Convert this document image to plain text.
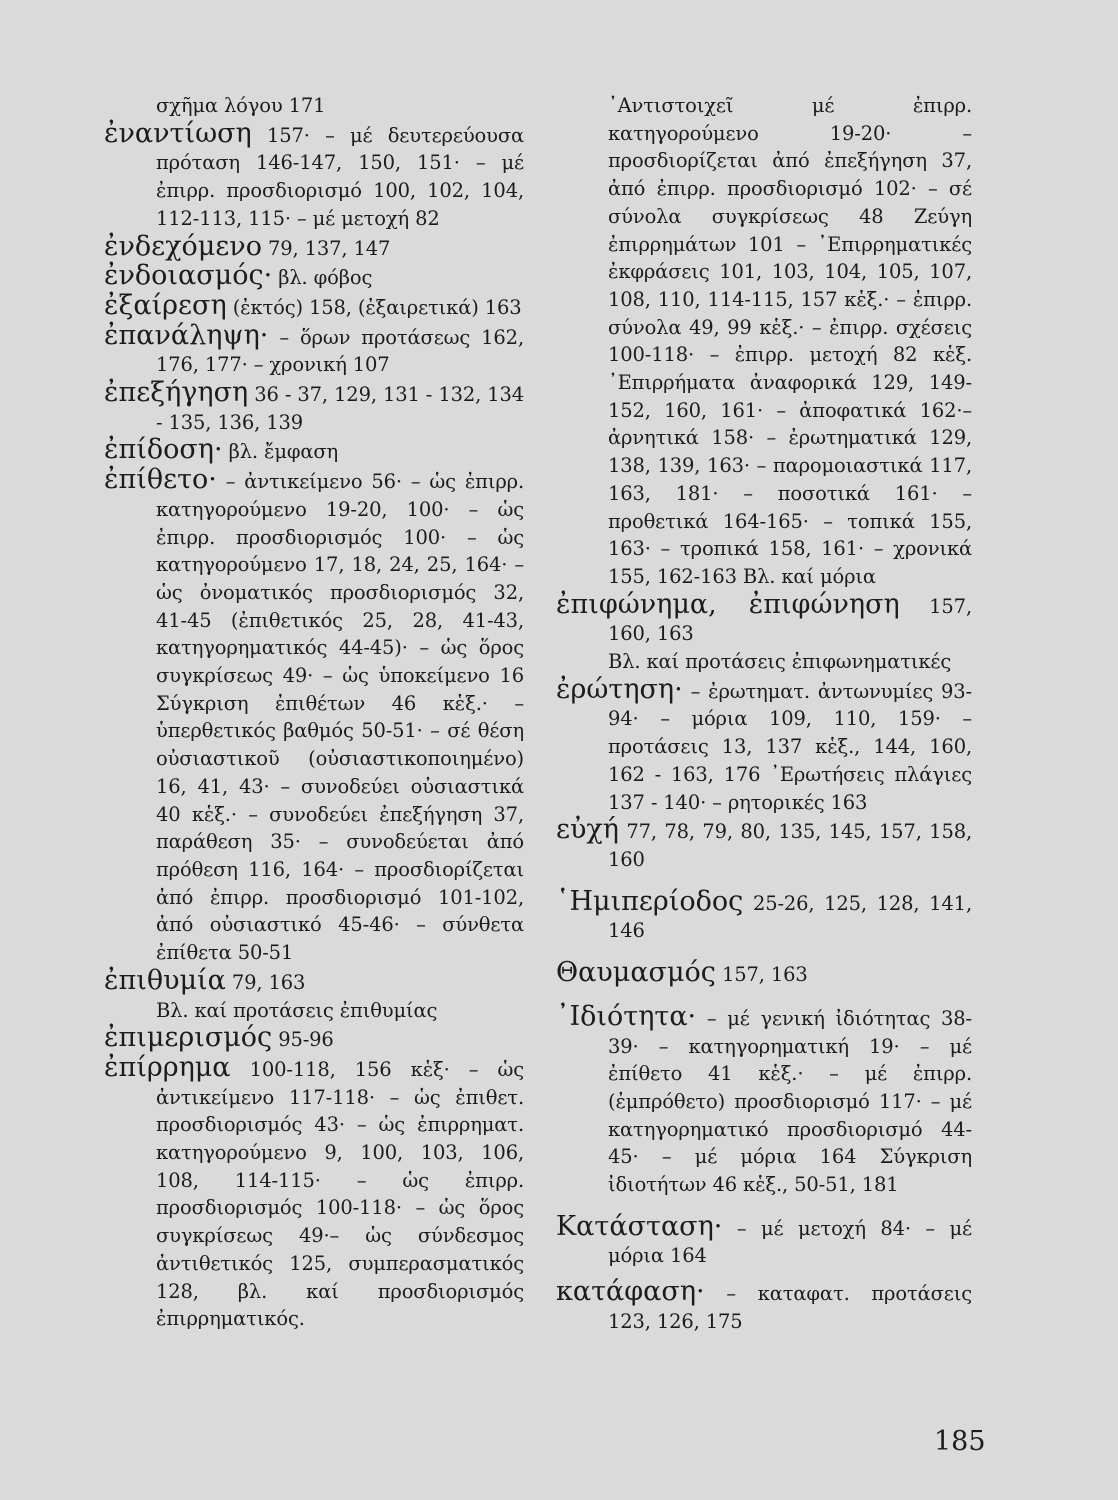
σχῆμα λόγου 171
ἐναντίωση 157· – μέ δευτερεύουσα πρόταση 146-147, 150, 151· – μέ ἐπιρρ. προσδιορισμό 100, 102, 104, 112-113, 115· – μέ μετοχή 82
ἐνδεχόμενο 79, 137, 147
ἐνδοιασμός· βλ. φόβος
ἐξαίρεση (ἐκτός) 158, (ἐξαιρετικά) 163
ἐπανάληψη· – ὅρων προτάσεως 162, 176, 177· – χρονική 107
ἐπεξήγηση 36 - 37, 129, 131 - 132, 134 - 135, 136, 139
ἐπίδοση· βλ. ἔμφαση
ἐπίθετο· – ἀντικείμενο 56· – ὡς ἐπιρρ. κατηγορούμενο 19-20, 100· – ὡς ἐπιρρ. προσδιορισμός 100· – ὡς κατηγορούμενο 17, 18, 24, 25, 164· – ὡς ὀνοματικός προσδιορισμός 32, 41-45 (ἐπιθετικός 25, 28, 41-43, κατηγορηματικός 44-45)· – ὡς ὅρος συγκρίσεως 49· – ὡς ὑποκείμενο 16 Σύγκριση ἐπιθέτων 46 κἑξ.· – ὑπερθετικός βαθμός 50-51· – σέ θέση οὐσιαστικοῦ (οὐσιαστικοποιημένο) 16, 41, 43· – συνοδεύει οὐσιαστικά 40 κἑξ.· – συνοδεύει ἐπεξήγηση 37, παράθεση 35· – συνοδεύεται ἀπό πρόθεση 116, 164· – προσδιορίζεται ἀπό ἐπιρρ. προσδιορισμό 101-102, ἀπό οὐσιαστικό 45-46· – σύνθετα ἐπίθετα 50-51
ἐπιθυμία 79, 163
Βλ. καί προτάσεις ἐπιθυμίας
ἐπιμερισμός 95-96
ἐπίρρημα 100-118, 156 κἑξ· – ὡς ἀντικείμενο 117-118· – ὡς ἐπιθετ. προσδιορισμός 43· – ὡς ἐπιρρηματ. κατηγορούμενο 9, 100, 103, 106, 108, 114-115· – ὡς ἐπιρρ. προσδιορισμός 100-118· – ὡς ὅρος συγκρίσεως 49·– ὡς σύνδεσμος ἀντιθετικός 125, συμπερασματικός 128, βλ. καί προσδιορισμός ἐπιρρηματικός.
᾿Αντιστοιχεῖ μέ ἐπιρρ. κατηγορούμενο 19-20· – προσδιορίζεται ἀπό ἐπεξήγηση 37, ἀπό ἐπιρρ. προσδιορισμό 102· – σέ σύνολα συγκρίσεως 48 Ζεύγη ἐπιρρημάτων 101 – ᾿Επιρρηματικές ἐκφράσεις 101, 103, 104, 105, 107, 108, 110, 114-115, 157 κἑξ.· – ἐπιρρ. σύνολα 49, 99 κἑξ.· – ἐπιρρ. σχέσεις 100-118· – ἐπιρρ. μετοχή 82 κἑξ. ᾿Επιρρήματα ἀναφορικά 129, 149-152, 160, 161· – ἀποφατικά 162·– ἀρνητικά 158· – ἐρωτηματικά 129, 138, 139, 163· – παρομοιαστικά 117, 163, 181· – ποσοτικά 161· – προθετικά 164-165· – τοπικά 155, 163· – τροπικά 158, 161· – χρονικά 155, 162-163 Βλ. καί μόρια
ἐπιφώνημα, ἐπιφώνηση 157, 160, 163
Βλ. καί προτάσεις ἐπιφωνηματικές
ἐρώτηση· – ἐρωτηματ. ἀντωνυμίες 93-94· – μόρια 109, 110, 159· – προτάσεις 13, 137 κἑξ., 144, 160, 162 - 163, 176 ᾿Ερωτήσεις πλάγιες 137 - 140· – ρητορικές 163
εὐχή 77, 78, 79, 80, 135, 145, 157, 158, 160
῾Ημιπερίοδος 25-26, 125, 128, 141, 146
Θαυμασμός 157, 163
᾿Ιδιότητα· – μέ γενική ἰδιότητας 38-39· – κατηγορηματική 19· – μέ ἐπίθετο 41 κἑξ.· – μέ ἐπιρρ. (ἐμπρόθετο) προσδιορισμό 117· – μέ κατηγορηματικό προσδιορισμό 44-45· – μέ μόρια 164 Σύγκριση ἰδιοτήτων 46 κἑξ., 50-51, 181
Κατάσταση· – μέ μετοχή 84· – μέ μόρια 164
κατάφαση· – καταφατ. προτάσεις 123, 126, 175
185
